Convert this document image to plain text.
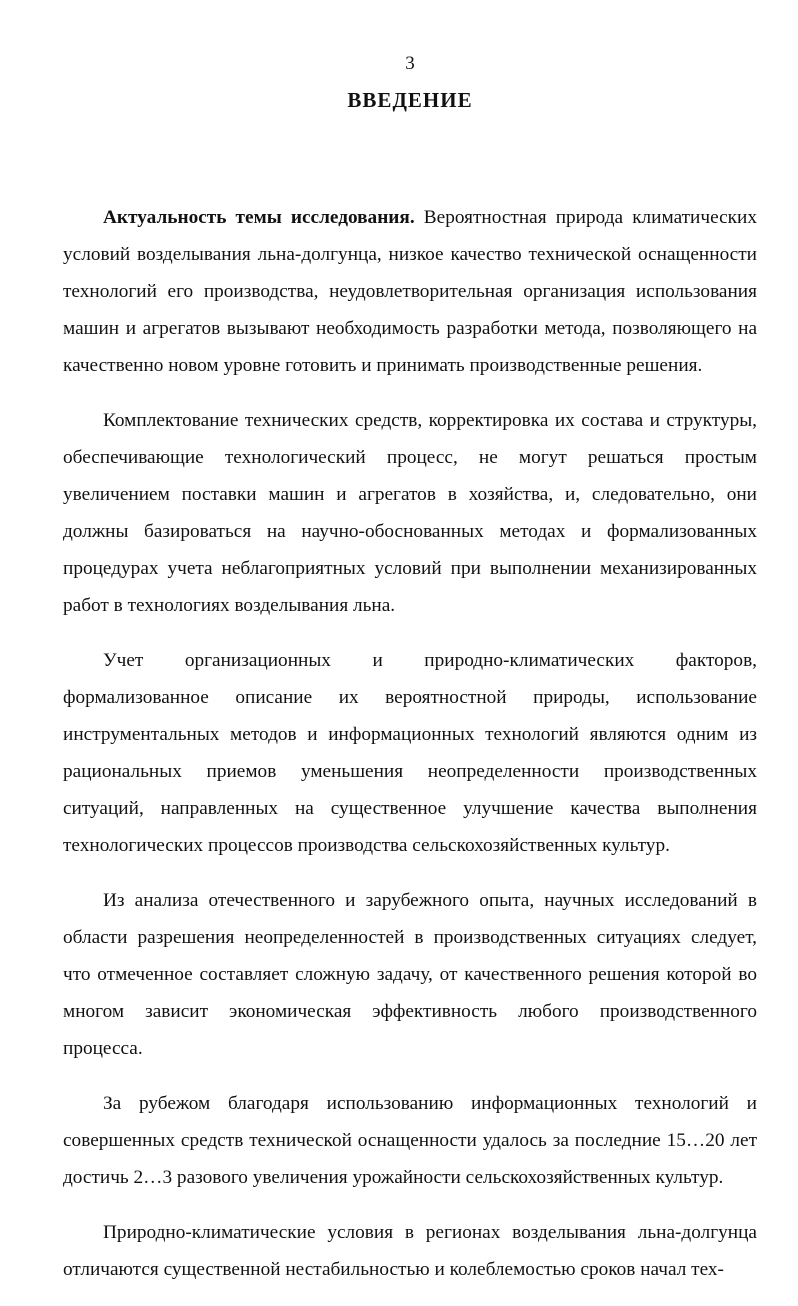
3
ВВЕДЕНИЕ

Актуальность темы исследования. Вероятностная природа климатических условий возделывания льна-долгунца, низкое качество технической оснащенности технологий его производства, неудовлетворительная организация использования машин и агрегатов вызывают необходимость разработки метода, позволяющего на качественно новом уровне готовить и принимать производственные решения.

Комплектование технических средств, корректировка их состава и структуры, обеспечивающие технологический процесс, не могут решаться простым увеличением поставки машин и агрегатов в хозяйства, и, следовательно, они должны базироваться на научно-обоснованных методах и формализованных процедурах учета неблагоприятных условий при выполнении механизированных работ в технологиях возделывания льна.

Учет организационных и природно-климатических факторов, формализованное описание их вероятностной природы, использование инструментальных методов и информационных технологий являются одним из рациональных приемов уменьшения неопределенности производственных ситуаций, направленных на существенное улучшение качества выполнения технологических процессов производства сельскохозяйственных культур.

Из анализа отечественного и зарубежного опыта, научных исследований в области разрешения неопределенностей в производственных ситуациях следует, что отмеченное составляет сложную задачу, от качественного решения которой во многом зависит экономическая эффективность любого производственного процесса.

За рубежом благодаря использованию информационных технологий и совершенных средств технической оснащенности удалось за последние 15…20 лет достичь 2…3 разового увеличения урожайности сельскохозяйственных культур.

Природно-климатические условия в регионах возделывания льна-долгунца отличаются существенной нестабильностью и колеблемостью сроков начал тех-
